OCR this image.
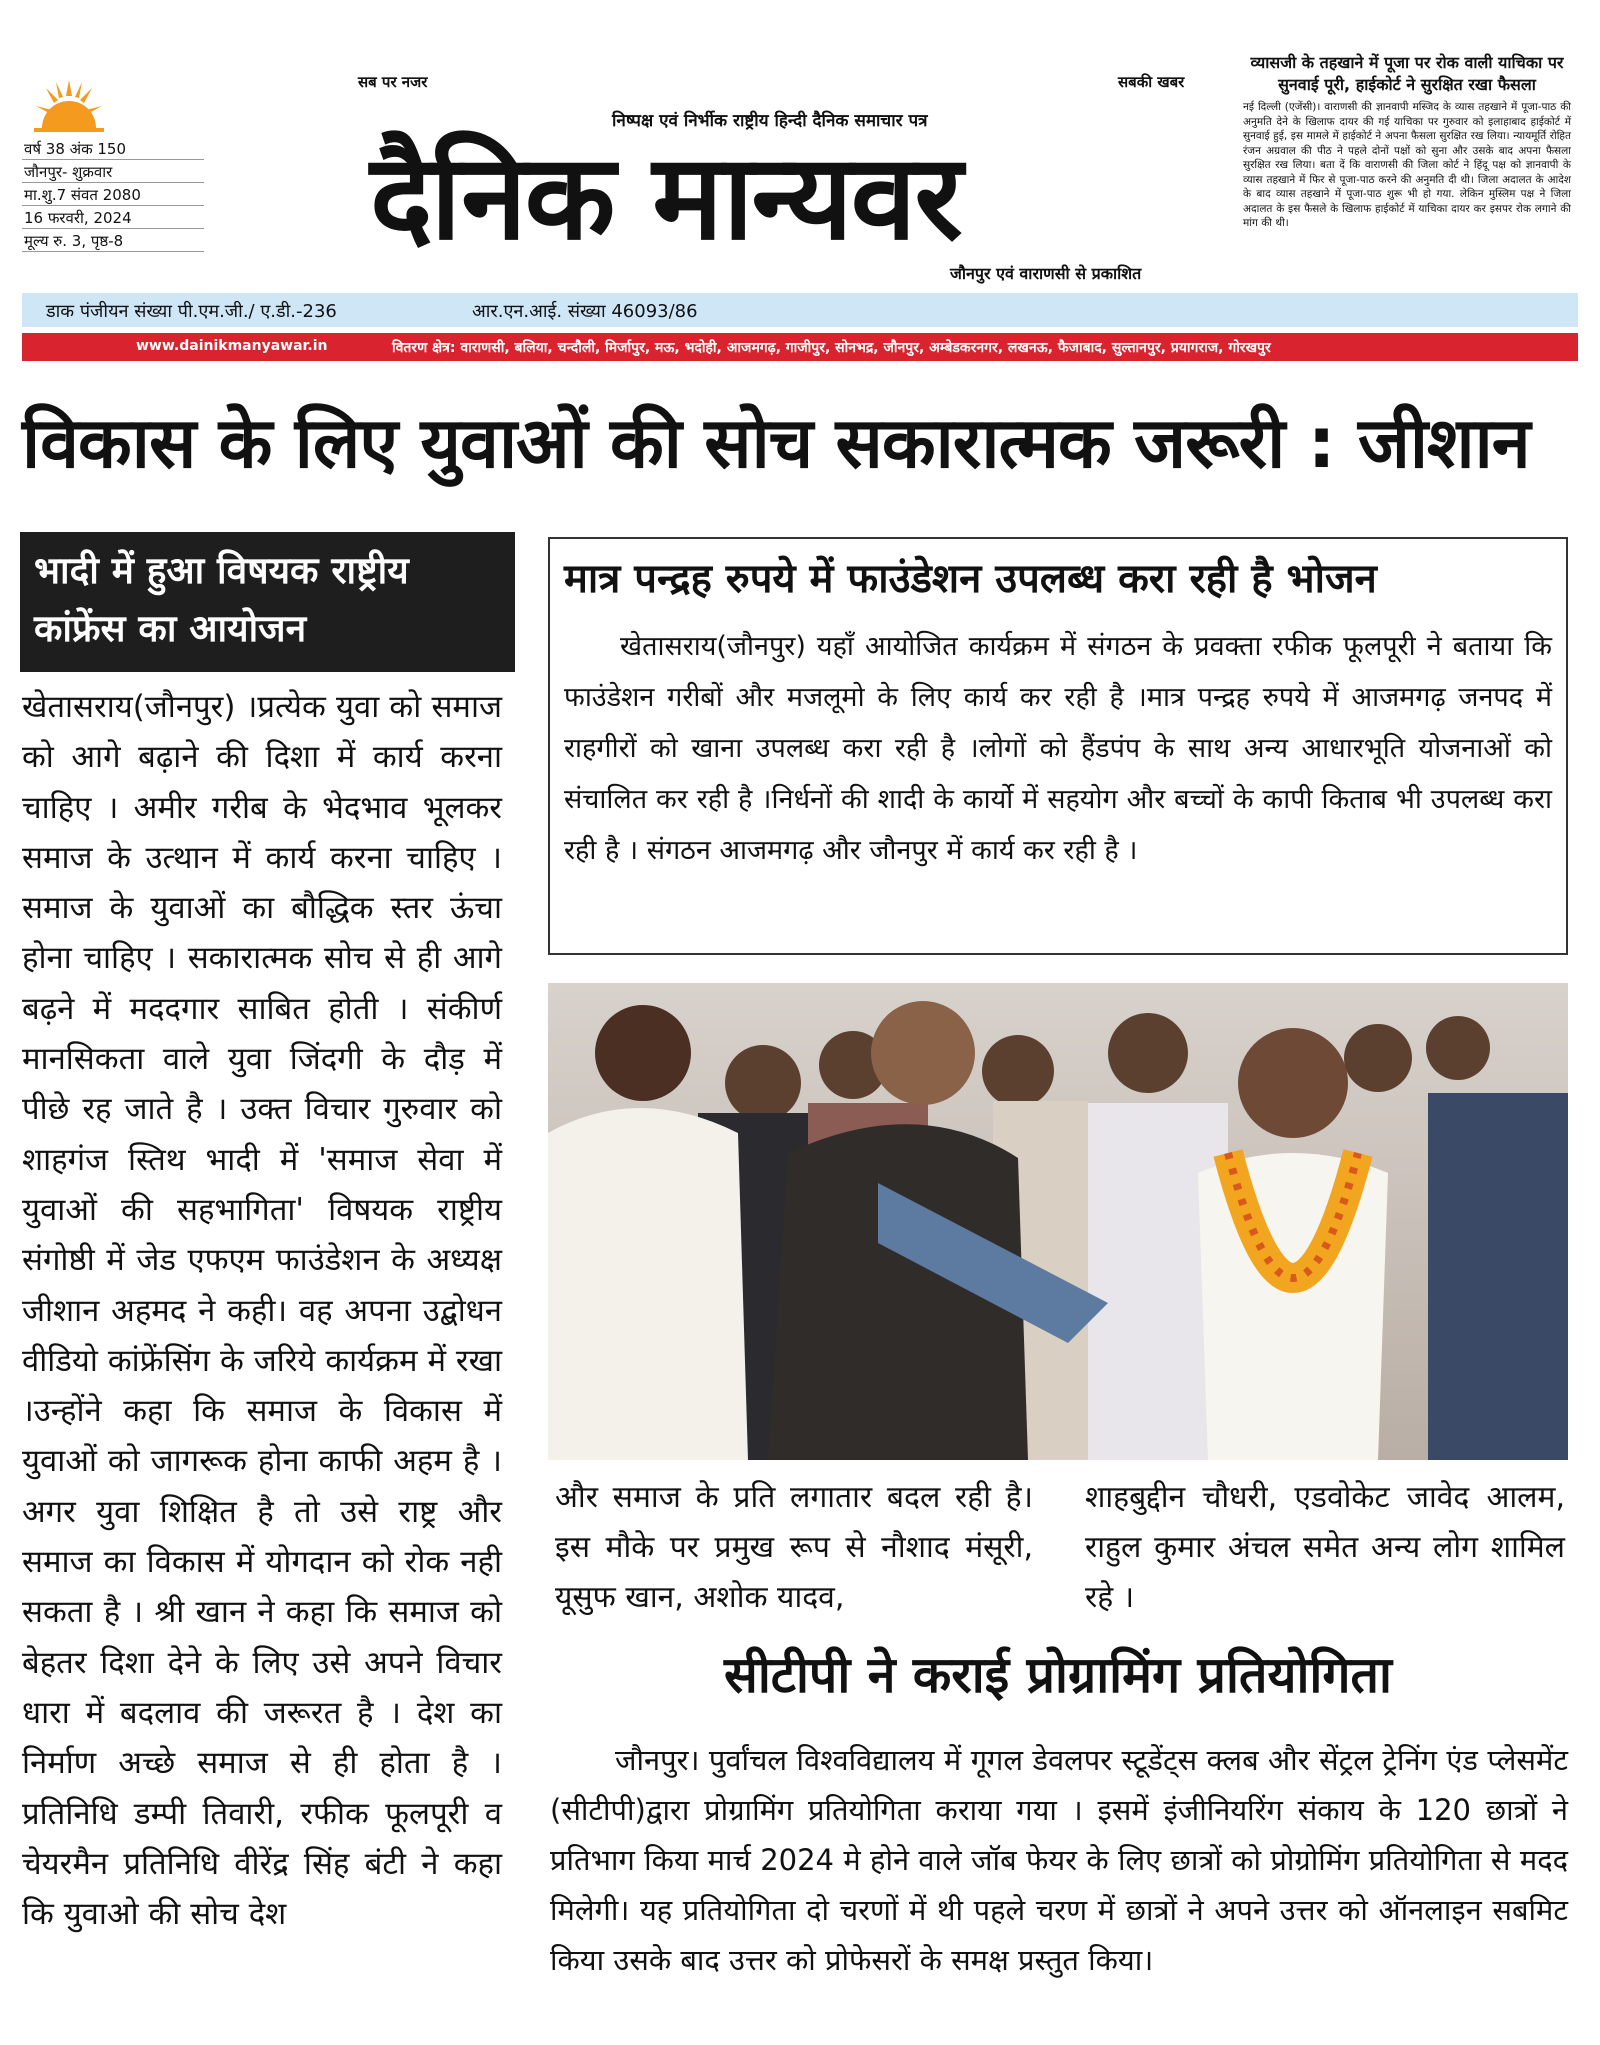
वर्ष 38 अंक 150
जौनपुर- शुक्रवार
मा.शु.7 संवत 2080
16 फरवरी, 2024
मूल्य रु. 3, पृष्ठ-8
सब पर नजर	सबकी खबर
निष्पक्ष एवं निर्भीक राष्ट्रीय हिन्दी दैनिक समाचार पत्र
दैनिक मान्यवर
जौनपुर एवं वाराणसी से प्रकाशित
व्यासजी के तहखाने में पूजा पर रोक वाली याचिका पर सुनवाई पूरी, हाईकोर्ट ने सुरक्षित रखा फैसला
नई दिल्ली (एजेंसी)। वाराणसी की ज्ञानवापी मस्जिद के व्यास तहखाने में पूजा-पाठ की अनुमति देने के खिलाफ दायर की गई याचिका पर गुरुवार को इलाहाबाद हाईकोर्ट में सुनवाई हुई, इस मामले में हाईकोर्ट ने अपना फैसला सुरक्षित रख लिया। न्यायमूर्ति रोहित रंजन अग्रवाल की पीठ ने पहले दोनों पक्षों को सुना और उसके बाद अपना फैसला सुरक्षित रख लिया। बता दें कि वाराणसी की जिला कोर्ट ने हिंदू पक्ष को ज्ञानवापी के व्यास तहखाने में फिर से पूजा-पाठ करने की अनुमति दी थी। जिला अदालत के आदेश के बाद व्यास तहखाने में पूजा-पाठ शुरू भी हो गया. लेकिन मुस्लिम पक्ष ने जिला अदालत के इस फैसले के खिलाफ हाईकोर्ट में याचिका दायर कर इसपर रोक लगाने की मांग की थी।
डाक पंजीयन संख्या पी.एम.जी./ ए.डी.-236	आर.एन.आई. संख्या 46093/86
www.dainikmanyawar.in	वितरण क्षेत्र: वाराणसी, बलिया, चन्दौली, मिर्जापुर, मऊ, भदोही, आजमगढ़, गाजीपुर, सोनभद्र, जौनपुर, अम्बेडकरनगर, लखनऊ, फैजाबाद, सुल्तानपुर, प्रयागराज, गोरखपुर
विकास के लिए युवाओं की सोच सकारात्मक जरूरी : जीशान
भादी में हुआ विषयक राष्ट्रीय कांफ्रेंस का आयोजन
खेतासराय(जौनपुर) ।प्रत्येक युवा को समाज को आगे बढ़ाने की दिशा में कार्य करना चाहिए । अमीर गरीब के भेदभाव भूलकर समाज के उत्थान में कार्य करना चाहिए ।समाज के युवाओं का बौद्धिक स्तर ऊंचा होना चाहिए । सकारात्मक सोच से ही आगे बढ़ने में मददगार साबित होती । संकीर्ण मानसिकता वाले युवा जिंदगी के दौड़ में पीछे रह जाते है । उक्त विचार गुरुवार को शाहगंज स्तिथ भादी में 'समाज सेवा में युवाओं की सहभागिता' विषयक राष्ट्रीय संगोष्ठी में जेड एफएम फाउंडेशन के अध्यक्ष जीशान अहमद ने कही। वह अपना उद्बोधन वीडियो कांफ्रेंसिंग के जरिये कार्यक्रम में रखा ।उन्होंने कहा कि समाज के विकास में युवाओं को जागरूक होना काफी अहम है । अगर युवा शिक्षित है तो उसे राष्ट्र और समाज का विकास में योगदान को रोक नही सकता है । श्री खान ने कहा कि समाज को बेहतर दिशा देने के लिए उसे अपने विचार धारा में बदलाव की जरूरत है । देश का निर्माण अच्छे समाज से ही होता है । प्रतिनिधि डम्पी तिवारी, रफीक फूलपूरी व चेयरमैन प्रतिनिधि वीरेंद्र सिंह बंटी ने कहा कि युवाओ की सोच देश
मात्र पन्द्रह रुपये में फाउंडेशन उपलब्ध करा रही है भोजन
खेतासराय(जौनपुर) यहाँ आयोजित कार्यक्रम में संगठन के प्रवक्ता रफीक फूलपूरी ने बताया कि फाउंडेशन गरीबों और मजलूमो के लिए कार्य कर रही है ।मात्र पन्द्रह रुपये में आजमगढ़ जनपद में राहगीरों को खाना उपलब्ध करा रही है ।लोगों को हैंडपंप के साथ अन्य आधारभूति योजनाओं को संचालित कर रही है ।निर्धनों की शादी के कार्यो में सहयोग और बच्चों के कापी किताब भी उपलब्ध करा रही है । संगठन आजमगढ़ और जौनपुर में कार्य कर रही है ।
और समाज के प्रति लगातार बदल रही है। इस मौके पर प्रमुख रूप से नौशाद मंसूरी, यूसुफ खान, अशोक यादव,
शाहबुद्दीन चौधरी, एडवोकेट जावेद आलम, राहुल कुमार अंचल समेत अन्य लोग शामिल रहे ।
सीटीपी ने कराई प्रोग्रामिंग प्रतियोगिता
जौनपुर। पुर्वांचल विश्वविद्यालय में गूगल डेवलपर स्टूडेंट्स क्लब और सेंट्रल ट्रेनिंग एंड प्लेसमेंट (सीटीपी)द्वारा प्रोग्रामिंग प्रतियोगिता कराया गया । इसमें इंजीनियरिंग संकाय के 120 छात्रों ने प्रतिभाग किया मार्च 2024 मे होने वाले जॉब फेयर के लिए छात्रों को प्रोग्रोमिंग प्रतियोगिता से मदद मिलेगी। यह प्रतियोगिता दो चरणों में थी पहले चरण में छात्रों ने अपने उत्तर को ऑनलाइन सबमिट किया उसके बाद उत्तर को प्रोफेसरों के समक्ष प्रस्तुत किया।
